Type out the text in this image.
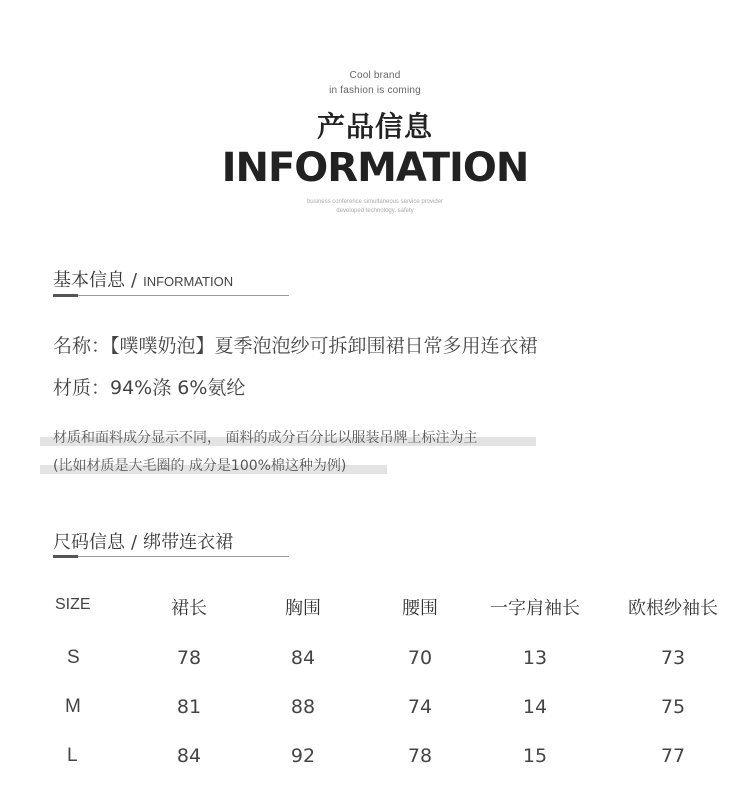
Cool brand
in fashion is coming
产品信息
INFORMATION
business conference simultaneous service provider
developed technology, safety
基本信息 / INFORMATION
名称：【噗噗奶泡】夏季泡泡纱可拆卸围裙日常多用连衣裙
材质：94%涤 6%氨纶
材质和面料成分显示不同， 面料的成分百分比以服装吊牌上标注为主
(比如材质是大毛圈的 成分是100%棉这种为例)
尺码信息 / 绑带连衣裙
SIZE	裙长	胸围	腰围	一字肩袖长	欧根纱袖长
S	78	84	70	13	73
M	81	88	74	14	75
L	84	92	78	15	77
